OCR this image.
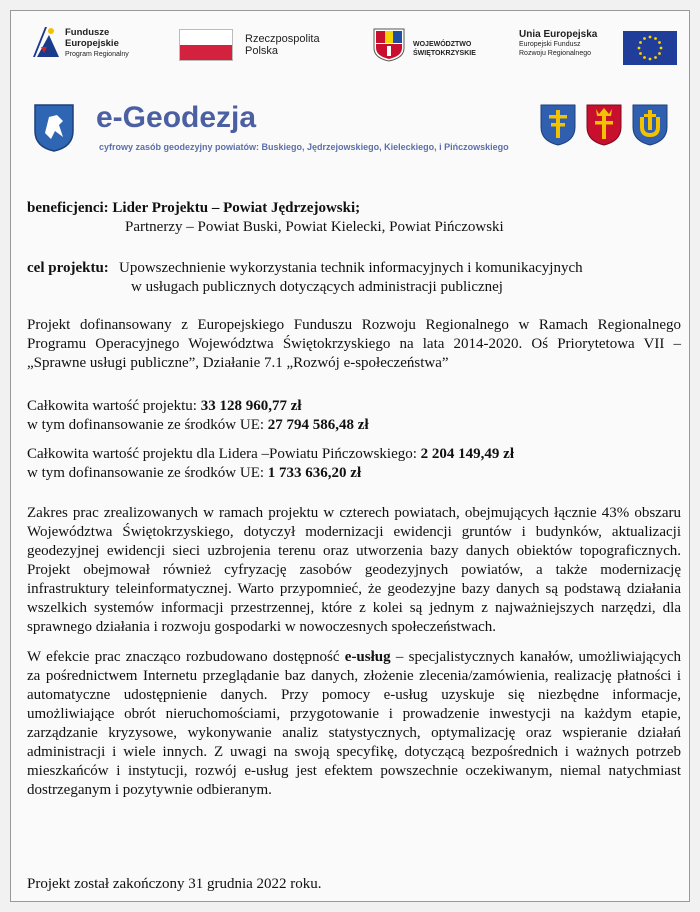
Fundusze
Europejskie
Program Regionalny
Rzeczpospolita
Polska
WOJEWÓDZTWO
ŚWIĘTOKRZYSKIE
Unia Europejska
Europejski Fundusz
Rozwoju Regionalnego
e-Geodezja
cyfrowy zasób geodezyjny powiatów: Buskiego, Jędrzejowskiego, Kieleckiego, i Pińczowskiego
beneficjenci: Lider Projektu – Powiat Jędrzejowski;
Partnerzy – Powiat Buski, Powiat Kielecki, Powiat Pińczowski
cel projektu: Upowszechnienie wykorzystania technik informacyjnych i komunikacyjnych
w usługach publicznych dotyczących administracji publicznej
Projekt dofinansowany z Europejskiego Funduszu Rozwoju Regionalnego w Ramach Regionalnego Programu Operacyjnego Województwa Świętokrzyskiego na lata 2014-2020. Oś Priorytetowa VII – „Sprawne usługi publiczne”, Działanie 7.1 „Rozwój e-społeczeństwa”
Całkowita wartość projektu: 33 128 960,77 zł
w tym dofinansowanie ze środków UE: 27 794 586,48 zł
Całkowita wartość projektu dla Lidera –Powiatu Pińczowskiego: 2 204 149,49 zł
w tym dofinansowanie ze środków UE: 1 733 636,20 zł
Zakres prac zrealizowanych w ramach projektu w czterech powiatach, obejmujących łącznie 43% obszaru Województwa Świętokrzyskiego, dotyczył modernizacji ewidencji gruntów i budynków, aktualizacji geodezyjnej ewidencji sieci uzbrojenia terenu oraz utworzenia bazy danych obiektów topograficznych. Projekt obejmował również cyfryzację zasobów geodezyjnych powiatów, a także modernizację infrastruktury teleinformatycznej. Warto przypomnieć, że geodezyjne bazy danych są podstawą działania wszelkich systemów informacji przestrzennej, które z kolei są jednym z najważniejszych narzędzi, dla sprawnego działania i rozwoju gospodarki w nowoczesnych społeczeństwach.
W efekcie prac znacząco rozbudowano dostępność e-usług – specjalistycznych kanałów, umożliwiających za pośrednictwem Internetu przeglądanie baz danych, złożenie zlecenia/zamówienia, realizację płatności i automatyczne udostępnienie danych. Przy pomocy e-usług uzyskuje się niezbędne informacje, umożliwiające obrót nieruchomościami, przygotowanie i prowadzenie inwestycji na każdym etapie, zarządzanie kryzysowe, wykonywanie analiz statystycznych, optymalizację oraz wspieranie działań administracji i wiele innych. Z uwagi na swoją specyfikę, dotyczącą bezpośrednich i ważnych potrzeb mieszkańców i instytucji, rozwój e-usług jest efektem powszechnie oczekiwanym, niemal natychmiast dostrzeganym i pozytywnie odbieranym.
Projekt został zakończony 31 grudnia 2022 roku.
